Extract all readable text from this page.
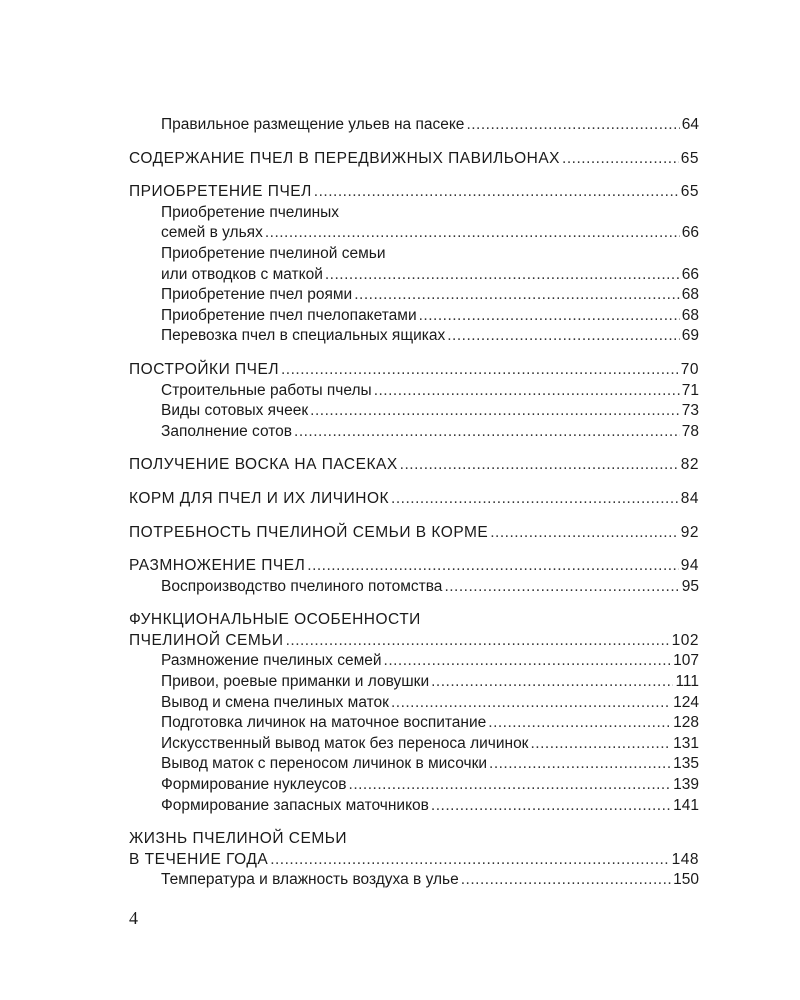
Правильное размещение ульев на пасеке .....	64
СОДЕРЖАНИЕ ПЧЕЛ В ПЕРЕДВИЖНЫХ ПАВИЛЬОНАХ .....	65
ПРИОБРЕТЕНИЕ ПЧЕЛ .....	65
Приобретение пчелиных
семей в ульях .....	66
Приобретение пчелиной семьи
или отводков с маткой .....	66
Приобретение пчел роями .....	68
Приобретение пчел пчелопакетами .....	68
Перевозка пчел в специальных ящиках .....	69
ПОСТРОЙКИ ПЧЕЛ .....	70
Строительные работы пчелы .....	71
Виды сотовых ячеек .....	73
Заполнение сотов .....	78
ПОЛУЧЕНИЕ ВОСКА НА ПАСЕКАХ .....	82
КОРМ ДЛЯ ПЧЕЛ И ИХ ЛИЧИНОК .....	84
ПОТРЕБНОСТЬ ПЧЕЛИНОЙ СЕМЬИ В КОРМЕ .....	92
РАЗМНОЖЕНИЕ ПЧЕЛ .....	94
Воспроизводство пчелиного потомства .....	95
ФУНКЦИОНАЛЬНЫЕ ОСОБЕННОСТИ
ПЧЕЛИНОЙ СЕМЬИ .....	102
Размножение пчелиных семей .....	107
Привои, роевые приманки и ловушки .....	111
Вывод и смена пчелиных маток .....	124
Подготовка личинок на маточное воспитание .....	128
Искусственный вывод маток без переноса личинок .....	131
Вывод маток с переносом личинок в мисочки .....	135
Формирование нуклеусов .....	139
Формирование запасных маточников .....	141
ЖИЗНЬ ПЧЕЛИНОЙ СЕМЬИ
В ТЕЧЕНИЕ ГОДА .....	148
Температура и влажность воздуха в улье .....	150
4
